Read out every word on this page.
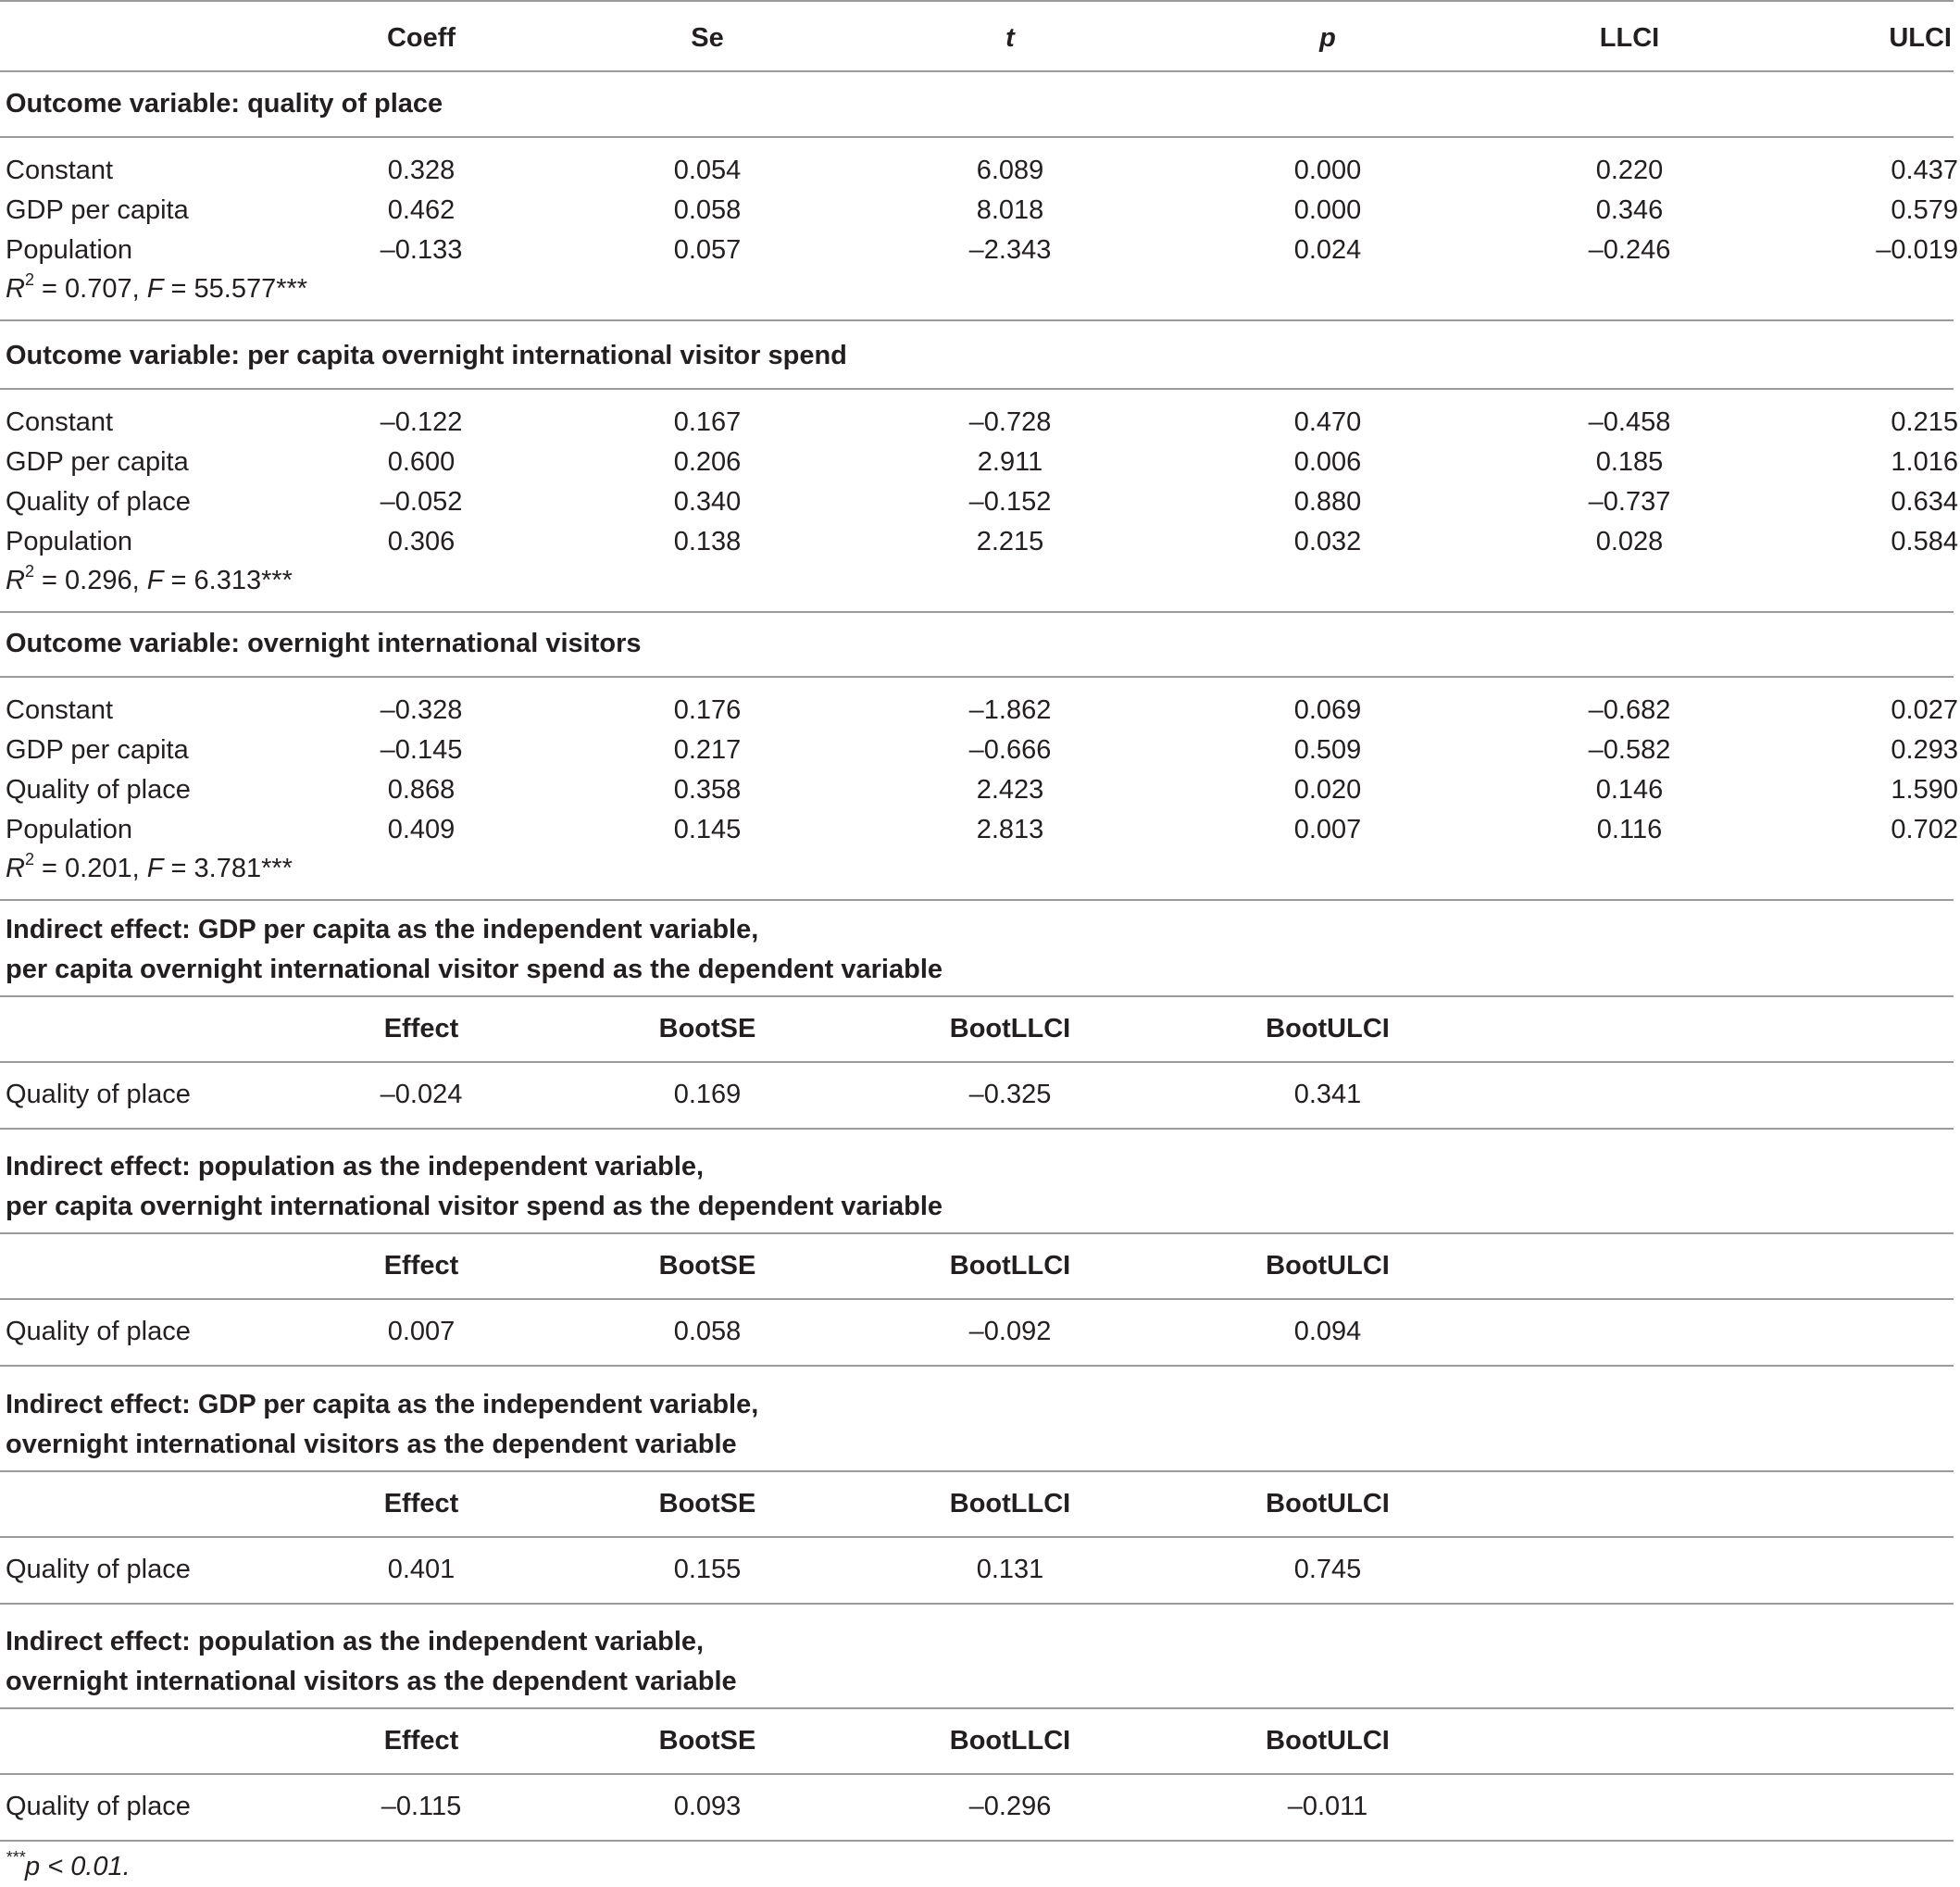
Coeff	Se	t	p	LLCI	ULCI
Outcome variable: quality of place
Constant	0.328	0.054	6.089	0.000	0.220	0.437
GDP per capita	0.462	0.058	8.018	0.000	0.346	0.579
Population	–0.133	0.057	–2.343	0.024	–0.246	–0.019
$R^2 = 0.707$, F = 55.577***
Outcome variable: per capita overnight international visitor spend
Constant	–0.122	0.167	–0.728	0.470	–0.458	0.215
GDP per capita	0.600	0.206	2.911	0.006	0.185	1.016
Quality of place	–0.052	0.340	–0.152	0.880	–0.737	0.634
Population	0.306	0.138	2.215	0.032	0.028	0.584
$R^2 = 0.296$, F = 6.313***
Outcome variable: overnight international visitors
Constant	–0.328	0.176	–1.862	0.069	–0.682	0.027
GDP per capita	–0.145	0.217	–0.666	0.509	–0.582	0.293
Quality of place	0.868	0.358	2.423	0.020	0.146	1.590
Population	0.409	0.145	2.813	0.007	0.116	0.702
$R^2 = 0.201$, F = 3.781***
Indirect effect: GDP per capita as the independent variable,
per capita overnight international visitor spend as the dependent variable
Effect	BootSE	BootLLCI	BootULCI
Quality of place	–0.024	0.169	–0.325	0.341
Indirect effect: population as the independent variable,
per capita overnight international visitor spend as the dependent variable
Effect	BootSE	BootLLCI	BootULCI
Quality of place	0.007	0.058	–0.092	0.094
Indirect effect: GDP per capita as the independent variable,
overnight international visitors as the dependent variable
Effect	BootSE	BootLLCI	BootULCI
Quality of place	0.401	0.155	0.131	0.745
Indirect effect: population as the independent variable,
overnight international visitors as the dependent variable
Effect	BootSE	BootLLCI	BootULCI
Quality of place	–0.115	0.093	–0.296	–0.011
***p < 0.01.
